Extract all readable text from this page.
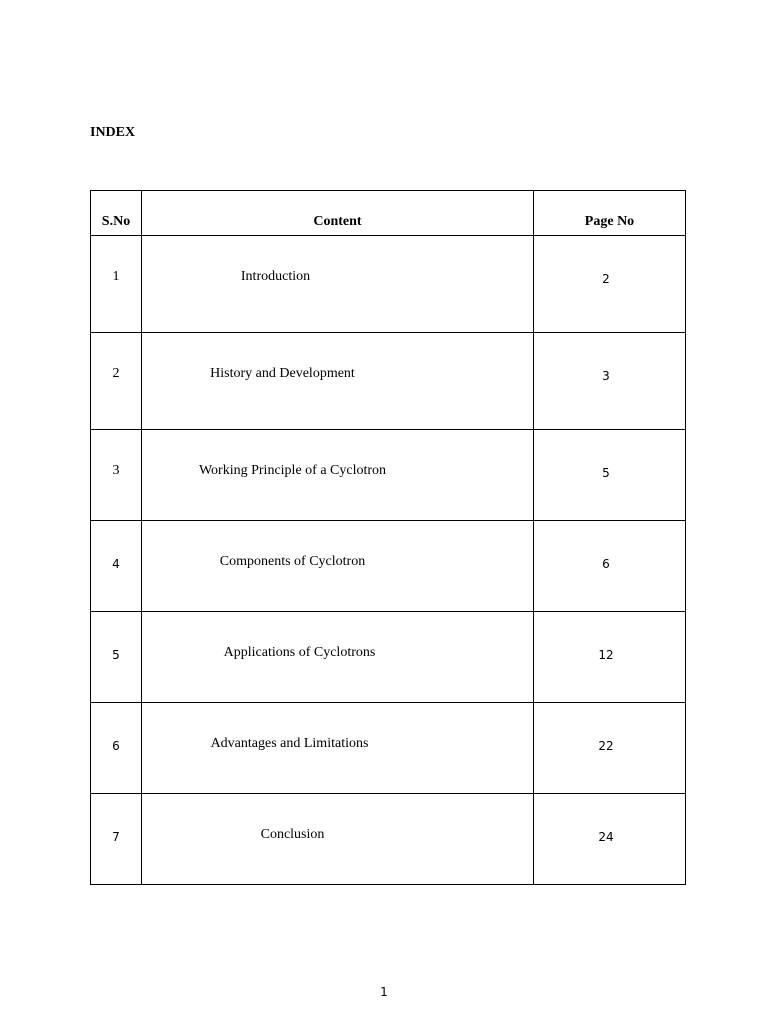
INDEX
S.No	Content	Page No

1	Introduction	2

2	History and Development	3

3	Working Principle of a Cyclotron	5

4	Components of Cyclotron	6

5	Applications of Cyclotrons	12

6	Advantages and Limitations	22

7	Conclusion	24
1
